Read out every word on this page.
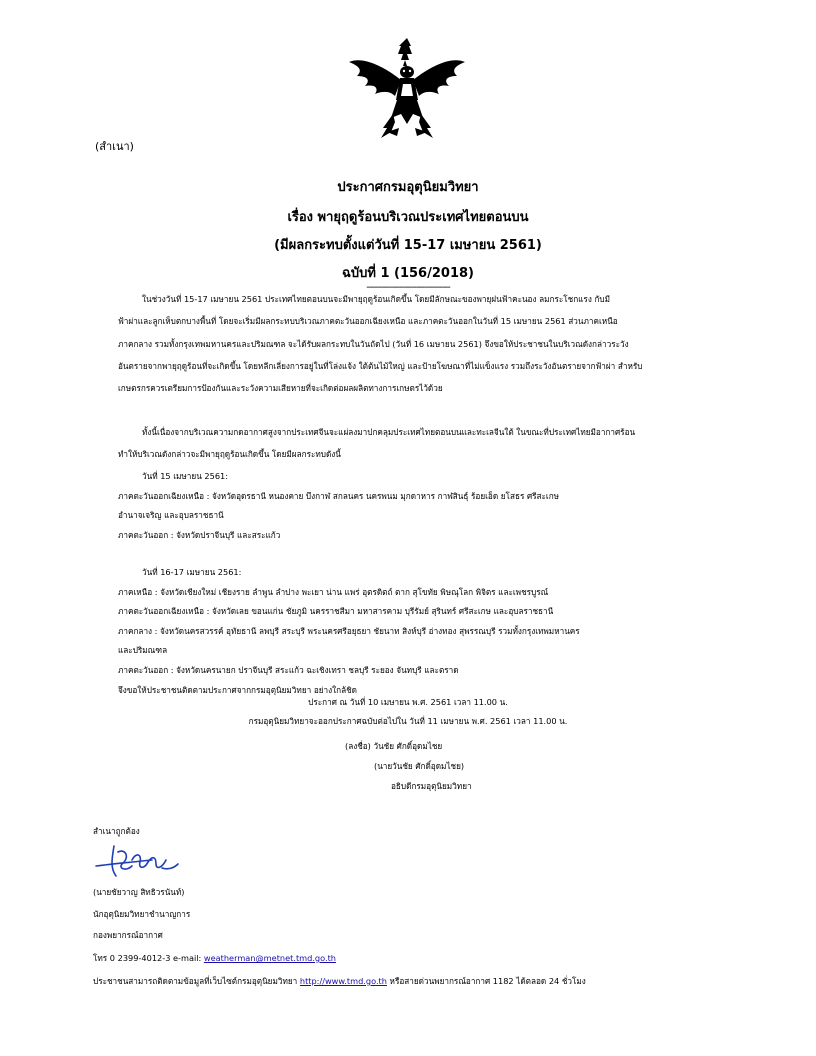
(สำเนา)
ประกาศกรมอุตุนิยมวิทยา
เรื่อง พายุฤดูร้อนบริเวณประเทศไทยตอนบน
(มีผลกระทบตั้งแต่วันที่ 15-17 เมษายน 2561)
ฉบับที่ 1 (156/2018)
--------------------------------
ในช่วงวันที่ 15-17 เมษายน 2561 ประเทศไทยตอนบนจะมีพายุฤดูร้อนเกิดขึ้น โดยมีลักษณะของพายุฝนฟ้าคะนอง ลมกระโชกแรง กับมี
ฟ้าผ่าและลูกเห็บตกบางพื้นที่ โดยจะเริ่มมีผลกระทบบริเวณภาคตะวันออกเฉียงเหนือ และภาคตะวันออกในวันที่ 15 เมษายน 2561 ส่วนภาคเหนือ
ภาคกลาง รวมทั้งกรุงเทพมหานครและปริมณฑล จะได้รับผลกระทบในวันถัดไป (วันที่ 16 เมษายน 2561) จึงขอให้ประชาชนในบริเวณดังกล่าวระวัง
อันตรายจากพายุฤดูร้อนที่จะเกิดขึ้น โดยหลีกเลี่ยงการอยู่ในที่โล่งแจ้ง ใต้ต้นไม้ใหญ่ และป้ายโฆษณาที่ไม่แข็งแรง รวมถึงระวังอันตรายจากฟ้าผ่า สำหรับ
เกษตรกรควรเตรียมการป้องกันและระวังความเสียหายที่จะเกิดต่อผลผลิตทางการเกษตรไว้ด้วย
ทั้งนี้เนื่องจากบริเวณความกดอากาศสูงจากประเทศจีนจะแผ่ลงมาปกคลุมประเทศไทยตอนบนและทะเลจีนใต้ ในขณะที่ประเทศไทยมีอากาศร้อน
ทำให้บริเวณดังกล่าวจะมีพายุฤดูร้อนเกิดขึ้น โดยมีผลกระทบดังนี้
วันที่ 15 เมษายน 2561:
ภาคตะวันออกเฉียงเหนือ : จังหวัดอุดรธานี หนองคาย บึงกาฬ สกลนคร นครพนม มุกดาหาร กาฬสินธุ์ ร้อยเอ็ด ยโสธร ศรีสะเกษ
อำนาจเจริญ และอุบลราชธานี
ภาคตะวันออก : จังหวัดปราจีนบุรี และสระแก้ว
วันที่ 16-17 เมษายน 2561:
ภาคเหนือ : จังหวัดเชียงใหม่ เชียงราย ลำพูน ลำปาง พะเยา น่าน แพร่ อุตรดิตถ์ ตาก สุโขทัย พิษณุโลก พิจิตร และเพชรบูรณ์
ภาคตะวันออกเฉียงเหนือ : จังหวัดเลย ขอนแก่น ชัยภูมิ นครราชสีมา มหาสารคาม บุรีรัมย์ สุรินทร์ ศรีสะเกษ และอุบลราชธานี
ภาคกลาง : จังหวัดนครสวรรค์ อุทัยธานี ลพบุรี สระบุรี พระนครศรีอยุธยา ชัยนาท สิงห์บุรี อ่างทอง สุพรรณบุรี รวมทั้งกรุงเทพมหานคร
และปริมณฑล
ภาคตะวันออก : จังหวัดนครนายก ปราจีนบุรี สระแก้ว ฉะเชิงเทรา ชลบุรี ระยอง จันทบุรี และตราด
จึงขอให้ประชาชนติดตามประกาศจากกรมอุตุนิยมวิทยา อย่างใกล้ชิด
ประกาศ ณ วันที่ 10 เมษายน พ.ศ. 2561 เวลา 11.00 น.
กรมอุตุนิยมวิทยาจะออกประกาศฉบับต่อไปใน วันที่ 11 เมษายน พ.ศ. 2561 เวลา 11.00 น.
(ลงชื่อ) วันชัย ศักดิ์อุดมไชย
(นายวันชัย ศักดิ์อุดมไชย)
อธิบดีกรมอุตุนิยมวิทยา
สำเนาถูกต้อง
(นายชัยวาญ สิทธิวรนันท์)
นักอุตุนิยมวิทยาชำนาญการ
กองพยากรณ์อากาศ
โทร 0 2399-4012-3 e-mail: weatherman@metnet.tmd.go.th
ประชาชนสามารถติดตามข้อมูลที่เว็บไซต์กรมอุตุนิยมวิทยา http://www.tmd.go.th หรือสายด่วนพยากรณ์อากาศ 1182 ได้ตลอด 24 ชั่วโมง
